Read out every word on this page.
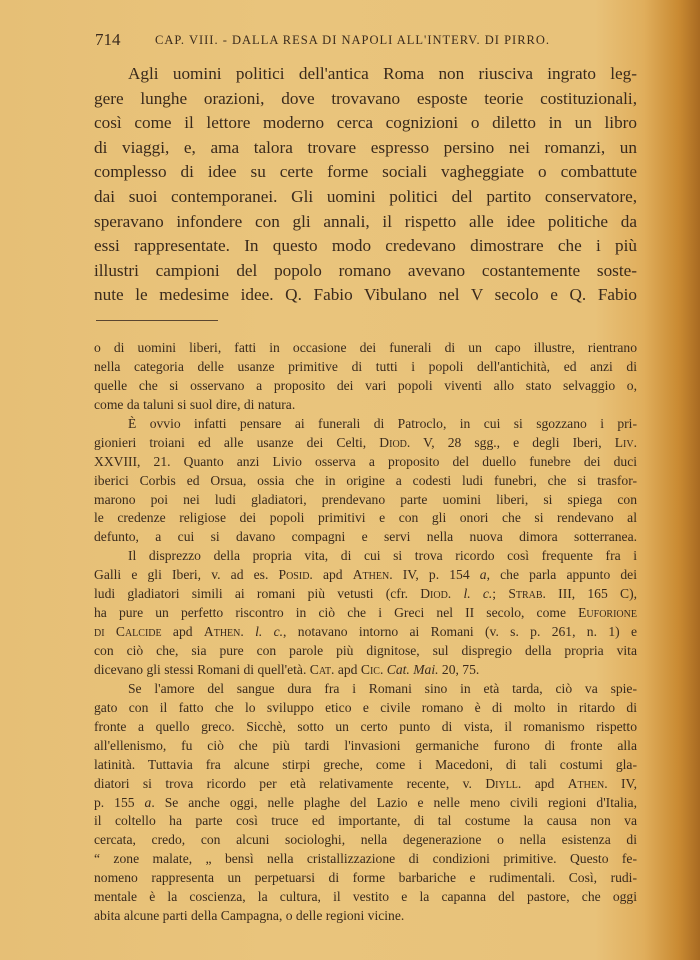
714	CAP. VIII. - DALLA RESA DI NAPOLI ALL'INTERV. DI PIRRO.
Agli uomini politici dell'antica Roma non riusciva ingrato leg-
gere lunghe orazioni, dove trovavano esposte teorie costituzionali,
così come il lettore moderno cerca cognizioni o diletto in un libro
di viaggi, e, ama talora trovare espresso persino nei romanzi, un
complesso di idee su certe forme sociali vagheggiate o combattute
dai suoi contemporanei. Gli uomini politici del partito conservatore,
speravano infondere con gli annali, il rispetto alle idee politiche da
essi rappresentate. In questo modo credevano dimostrare che i più
illustri campioni del popolo romano avevano costantemente soste-
nute le medesime idee. Q. Fabio Vibulano nel V secolo e Q. Fabio
o di uomini liberi, fatti in occasione dei funerali di un capo illustre, rientrano
nella categoria delle usanze primitive di tutti i popoli dell'antichità, ed anzi di
quelle che si osservano a proposito dei vari popoli viventi allo stato selvaggio o,
come da taluni si suol dire, di natura.
È ovvio infatti pensare ai funerali di Patroclo, in cui si sgozzano i pri-
gionieri troiani ed alle usanze dei Celti, Diod. V, 28 sgg., e degli Iberi, Liv.
XXVIII, 21. Quanto anzi Livio osserva a proposito del duello funebre dei duci
iberici Corbis ed Orsua, ossia che in origine a codesti ludi funebri, che si trasfor-
marono poi nei ludi gladiatori, prendevano parte uomini liberi, si spiega con
le credenze religiose dei popoli primitivi e con gli onori che si rendevano al
defunto, a cui si davano compagni e servi nella nuova dimora sotterranea.
Il disprezzo della propria vita, di cui si trova ricordo così frequente fra i
Galli e gli Iberi, v. ad es. Posid. apd Athen. IV, p. 154 a, che parla appunto dei
ludi gladiatori simili ai romani più vetusti (cfr. Diod. l. c.; Strab. III, 165 C),
ha pure un perfetto riscontro in ciò che i Greci nel II secolo, come Euforione
di Calcide apd Athen. l. c., notavano intorno ai Romani (v. s. p. 261, n. 1) e
con ciò che, sia pure con parole più dignitose, sul dispregio della propria vita
dicevano gli stessi Romani di quell'età. Cat. apd Cic. Cat. Mai. 20, 75.
Se l'amore del sangue dura fra i Romani sino in età tarda, ciò va spie-
gato con il fatto che lo sviluppo etico e civile romano è di molto in ritardo di
fronte a quello greco. Sicchè, sotto un certo punto di vista, il romanismo rispetto
all'ellenismo, fu ciò che più tardi l'invasioni germaniche furono di fronte alla
latinità. Tuttavia fra alcune stirpi greche, come i Macedoni, di tali costumi gla-
diatori si trova ricordo per età relativamente recente, v. Diyll. apd Athen. IV,
p. 155 a. Se anche oggi, nelle plaghe del Lazio e nelle meno civili regioni d'Italia,
il coltello ha parte così truce ed importante, di tal costume la causa non va
cercata, credo, con alcuni sociologhi, nella degenerazione o nella esistenza di
“ zone malate, „ bensì nella cristallizzazione di condizioni primitive. Questo fe-
nomeno rappresenta un perpetuarsi di forme barbariche e rudimentali. Così, rudi-
mentale è la coscienza, la cultura, il vestito e la capanna del pastore, che oggi
abita alcune parti della Campagna, o delle regioni vicine.
